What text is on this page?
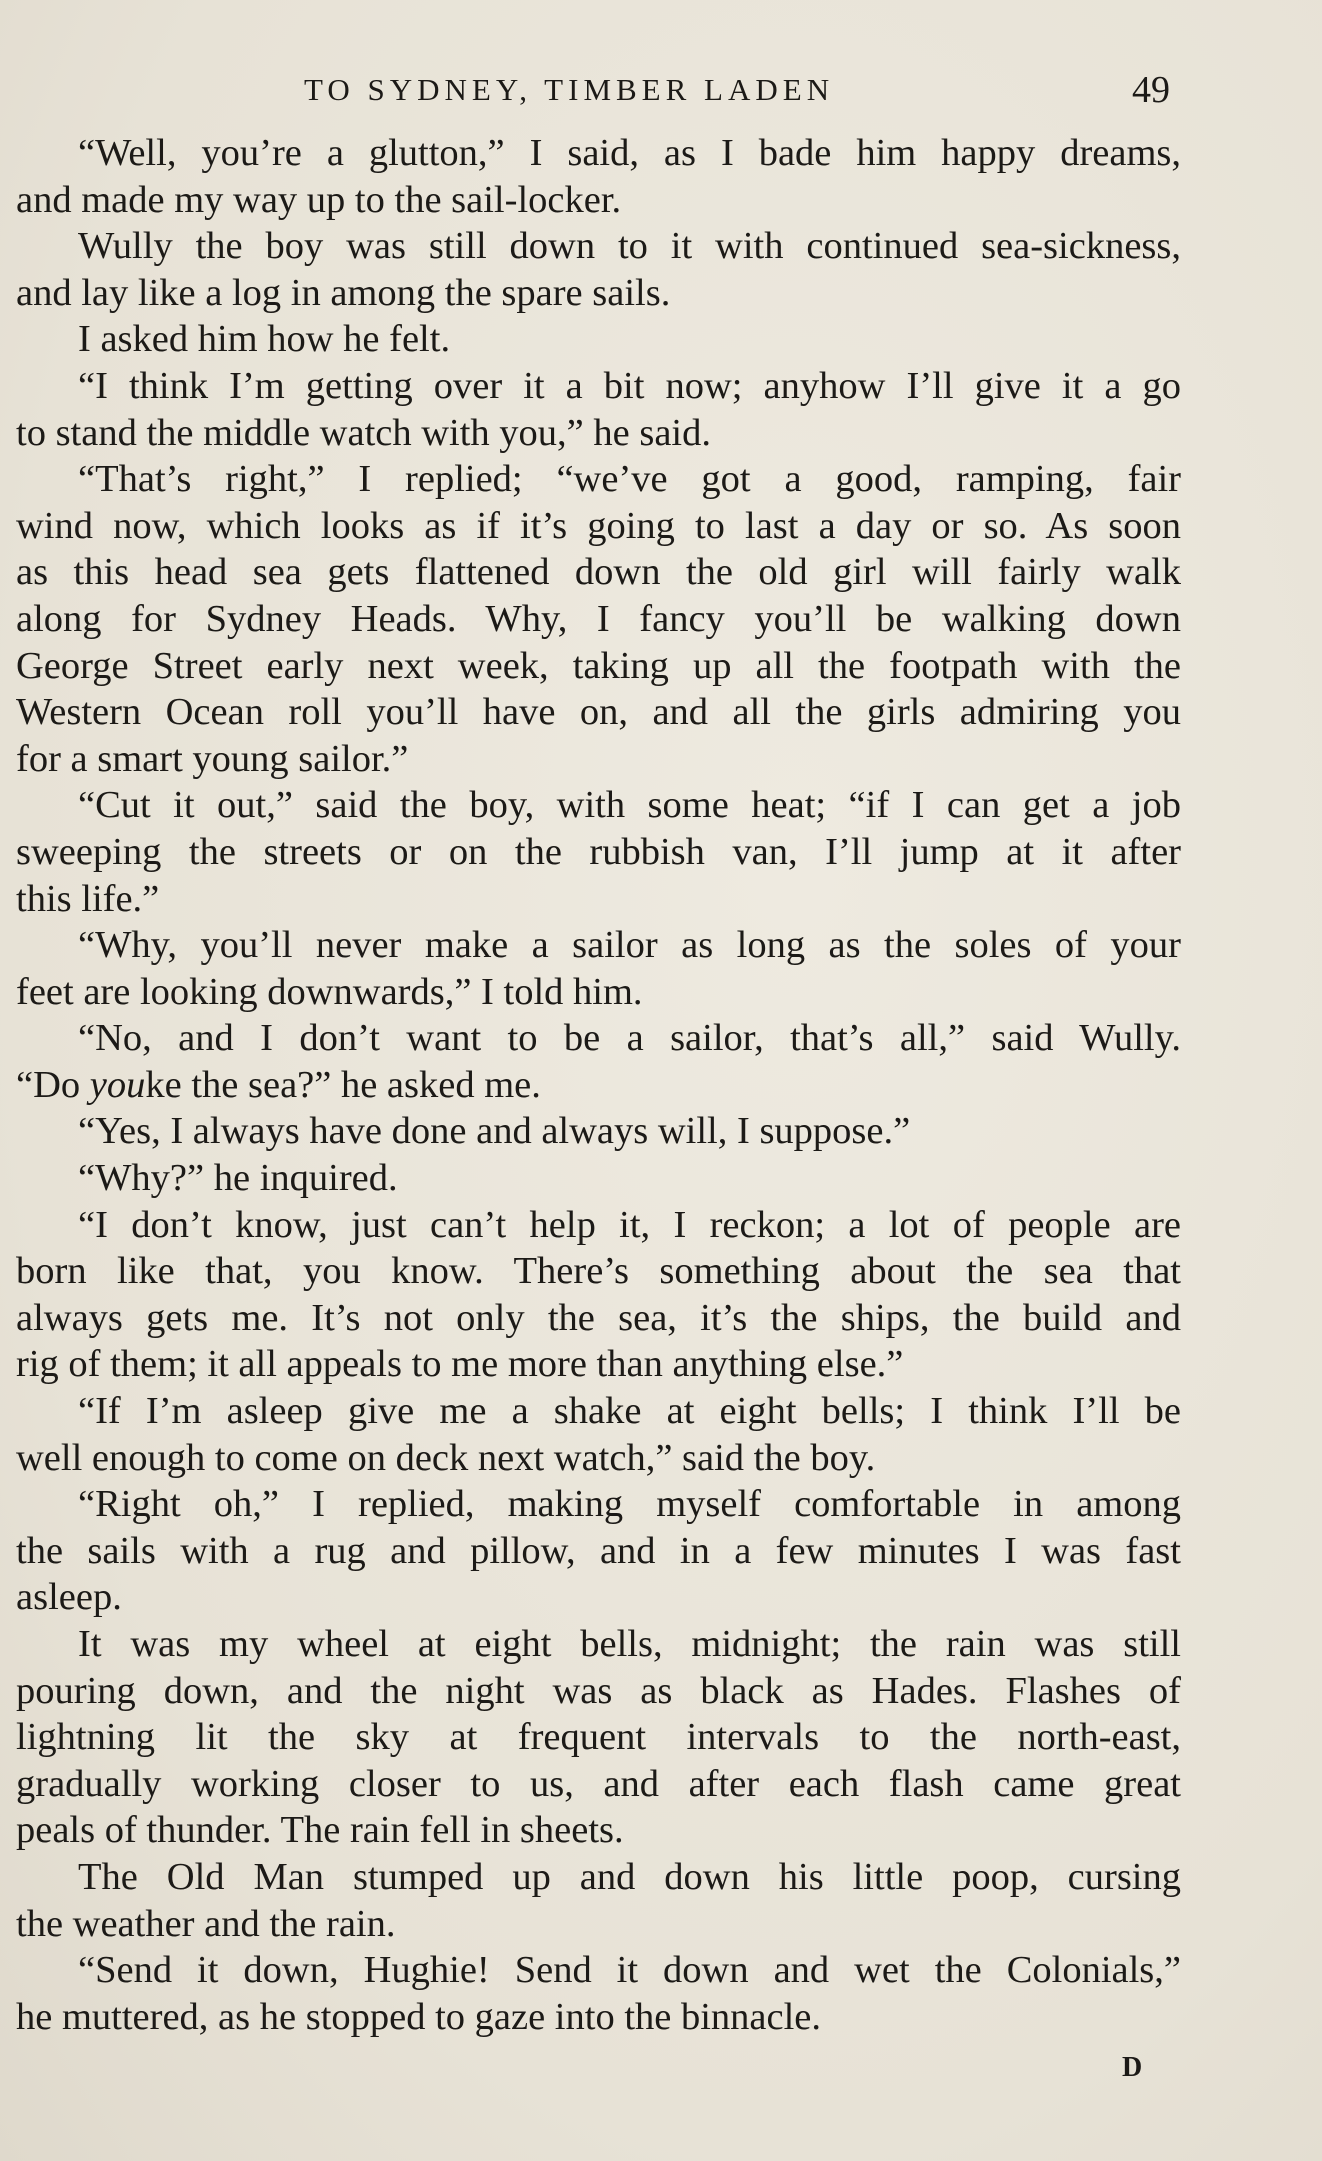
TO SYDNEY, TIMBER LADEN	49
“Well, you’re a glutton,” I said, as I bade him happy dreams,
and made my way up to the sail-locker.
Wully the boy was still down to it with continued sea-sickness,
and lay like a log in among the spare sails.
I asked him how he felt.
“I think I’m getting over it a bit now; anyhow I’ll give it a go
to stand the middle watch with you,” he said.
“That’s right,” I replied; “we’ve got a good, ramping, fair
wind now, which looks as if it’s going to last a day or so. As soon
as this head sea gets flattened down the old girl will fairly walk
along for Sydney Heads. Why, I fancy you’ll be walking down
George Street early next week, taking up all the footpath with the
Western Ocean roll you’ll have on, and all the girls admiring you
for a smart young sailor.”
“Cut it out,” said the boy, with some heat; “if I can get a job
sweeping the streets or on the rubbish van, I’ll jump at it after
this life.”
“Why, you’ll never make a sailor as long as the soles of your
feet are looking downwards,” I told him.
“No, and I don’t want to be a sailor, that’s all,” said Wully.
“Do youke the sea?” he asked me.
“Yes, I always have done and always will, I suppose.”
“Why?” he inquired.
“I don’t know, just can’t help it, I reckon; a lot of people are
born like that, you know. There’s something about the sea that
always gets me. It’s not only the sea, it’s the ships, the build and
rig of them; it all appeals to me more than anything else.”
“If I’m asleep give me a shake at eight bells; I think I’ll be
well enough to come on deck next watch,” said the boy.
“Right oh,” I replied, making myself comfortable in among
the sails with a rug and pillow, and in a few minutes I was fast
asleep.
It was my wheel at eight bells, midnight; the rain was still
pouring down, and the night was as black as Hades. Flashes of
lightning lit the sky at frequent intervals to the north-east,
gradually working closer to us, and after each flash came great
peals of thunder. The rain fell in sheets.
The Old Man stumped up and down his little poop, cursing
the weather and the rain.
“Send it down, Hughie! Send it down and wet the Colonials,”
he muttered, as he stopped to gaze into the binnacle.
D
